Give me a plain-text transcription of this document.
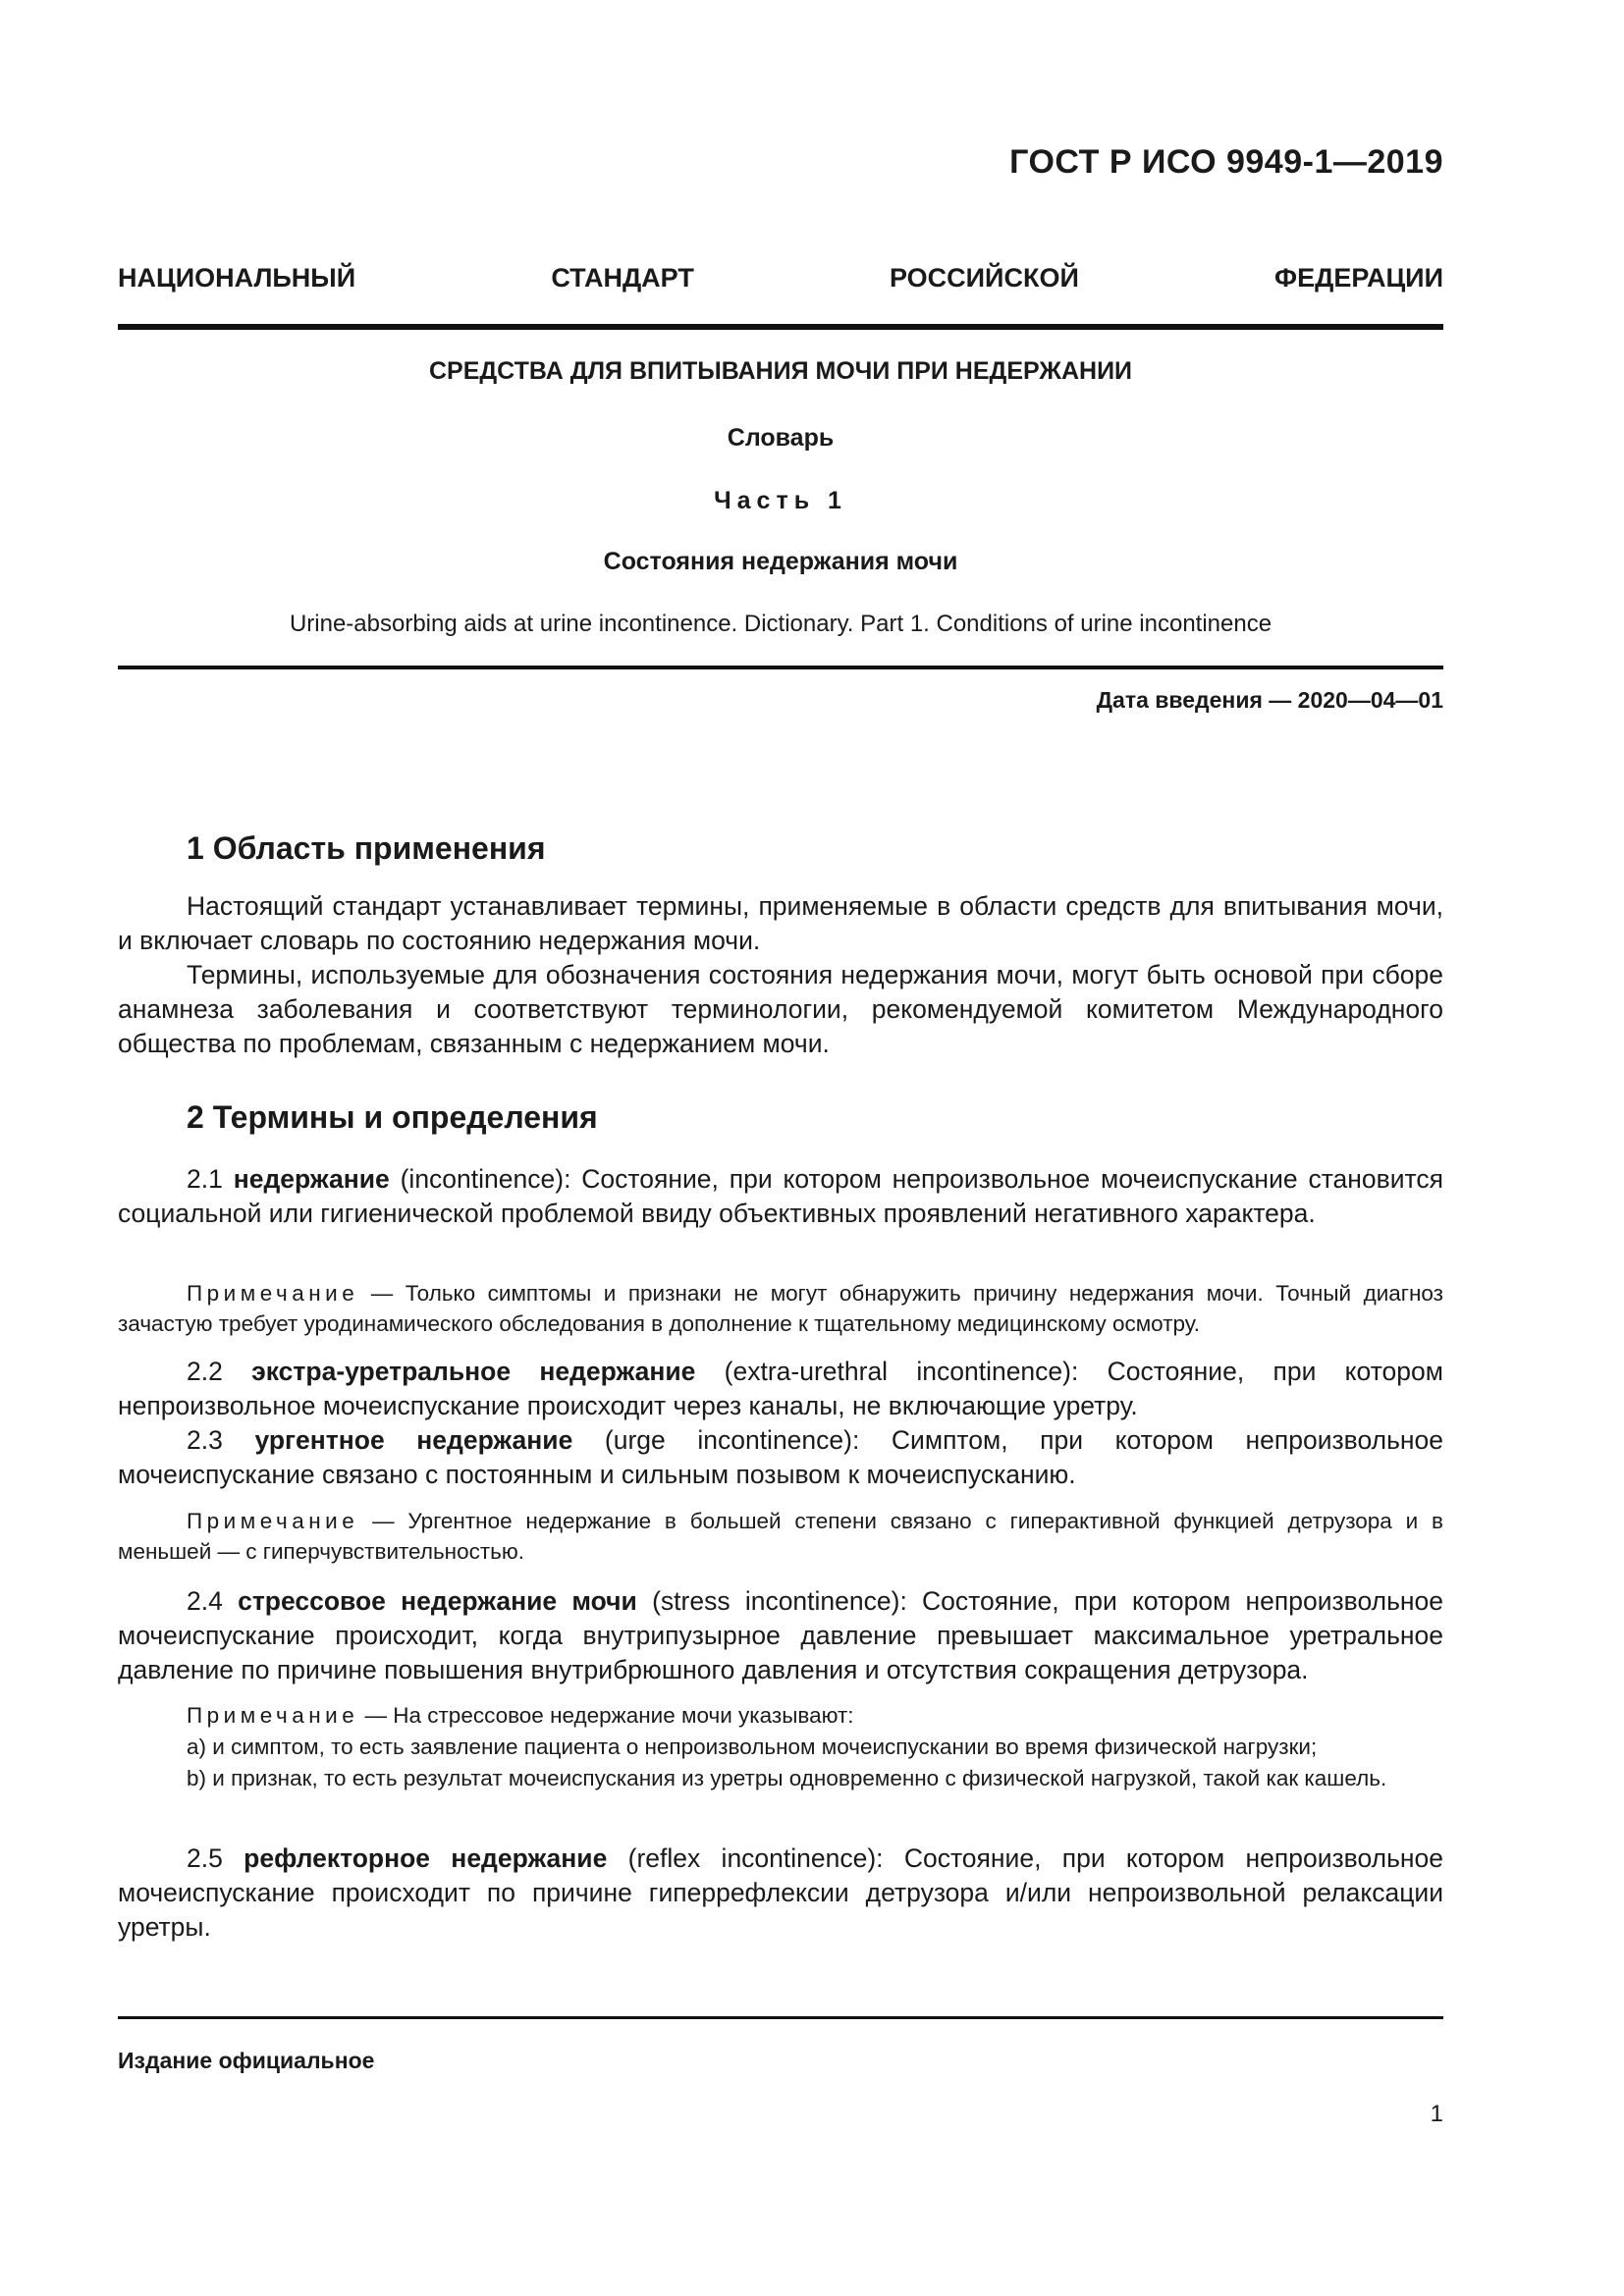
ГОСТ Р ИСО 9949-1—2019
НАЦИОНАЛЬНЫЙ	СТАНДАРТ	РОССИЙСКОЙ	ФЕДЕРАЦИИ
СРЕДСТВА ДЛЯ ВПИТЫВАНИЯ МОЧИ ПРИ НЕДЕРЖАНИИ
Словарь
Часть 1
Состояния недержания мочи
Urine-absorbing aids at urine incontinence. Dictionary. Part 1. Conditions of urine incontinence
Дата введения — 2020—04—01
1 Область применения
Настоящий стандарт устанавливает термины, применяемые в области средств для впитывания мочи, и включает словарь по состоянию недержания мочи.
Термины, используемые для обозначения состояния недержания мочи, могут быть основой при сборе анамнеза заболевания и соответствуют терминологии, рекомендуемой комитетом Международного общества по проблемам, связанным с недержанием мочи.
2 Термины и определения
2.1 недержание (incontinence): Состояние, при котором непроизвольное мочеиспускание становится социальной или гигиенической проблемой ввиду объективных проявлений негативного характера.
Примечание — Только симптомы и признаки не могут обнаружить причину недержания мочи. Точный диагноз зачастую требует уродинамического обследования в дополнение к тщательному медицинскому осмотру.
2.2 экстра-уретральное недержание (extra-urethral incontinence): Состояние, при котором непроизвольное мочеиспускание происходит через каналы, не включающие уретру.
2.3 ургентное недержание (urge incontinence): Симптом, при котором непроизвольное мочеиспускание связано с постоянным и сильным позывом к мочеиспусканию.
Примечание — Ургентное недержание в большей степени связано с гиперактивной функцией детрузора и в меньшей — с гиперчувствительностью.
2.4 стрессовое недержание мочи (stress incontinence): Состояние, при котором непроизвольное мочеиспускание происходит, когда внутрипузырное давление превышает максимальное уретральное давление по причине повышения внутрибрюшного давления и отсутствия сокращения детрузора.
Примечание — На стрессовое недержание мочи указывают:
а) и симптом, то есть заявление пациента о непроизвольном мочеиспускании во время физической нагрузки;
b) и признак, то есть результат мочеиспускания из уретры одновременно с физической нагрузкой, такой как кашель.
2.5 рефлекторное недержание (reflex incontinence): Состояние, при котором непроизвольное мочеиспускание происходит по причине гиперрефлексии детрузора и/или непроизвольной релаксации уретры.
Издание официальное
1
